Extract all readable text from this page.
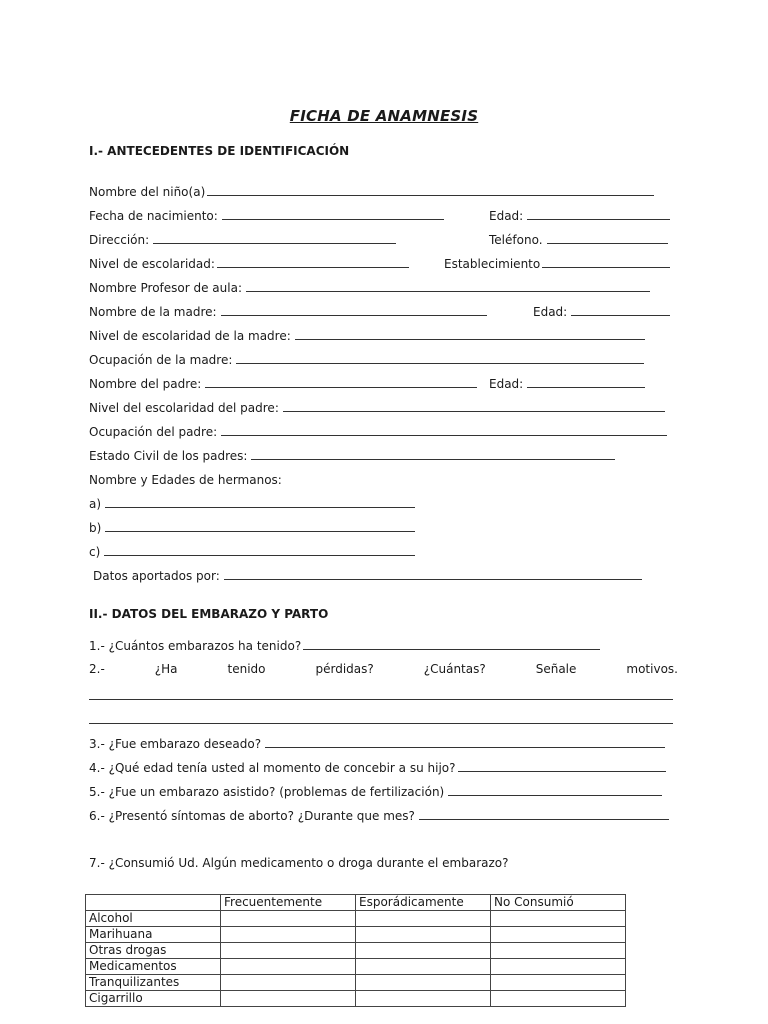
FICHA DE ANAMNESIS
I.- ANTECEDENTES DE IDENTIFICACIÓN
Nombre del niño(a)
Fecha de nacimiento:	Edad:
Dirección:	Teléfono.
Nivel de escolaridad:	Establecimiento
Nombre Profesor de aula:
Nombre de la madre:	Edad:
Nivel de escolaridad de la madre:
Ocupación de la madre:
Nombre del padre:	Edad:
Nivel del escolaridad del padre:
Ocupación del padre:
Estado Civil de los padres:
Nombre y Edades de hermanos:
a)
b)
c)
Datos aportados por:
II.- DATOS DEL EMBARAZO Y PARTO
1.- ¿Cuántos embarazos ha tenido?
2.-	¿Ha	tenido	pérdidas?	¿Cuántas?	Señale	motivos.
3.- ¿Fue embarazo deseado?
4.- ¿Qué edad tenía usted al momento de concebir a su hijo?
5.- ¿Fue un embarazo asistido? (problemas de fertilización)
6.- ¿Presentó síntomas de aborto? ¿Durante que mes?
7.- ¿Consumió Ud. Algún medicamento o droga durante el embarazo?
	Frecuentemente	Esporádicamente	No Consumió
Alcohol			
Marihuana			
Otras drogas			
Medicamentos			
Tranquilizantes			
Cigarrillo			
